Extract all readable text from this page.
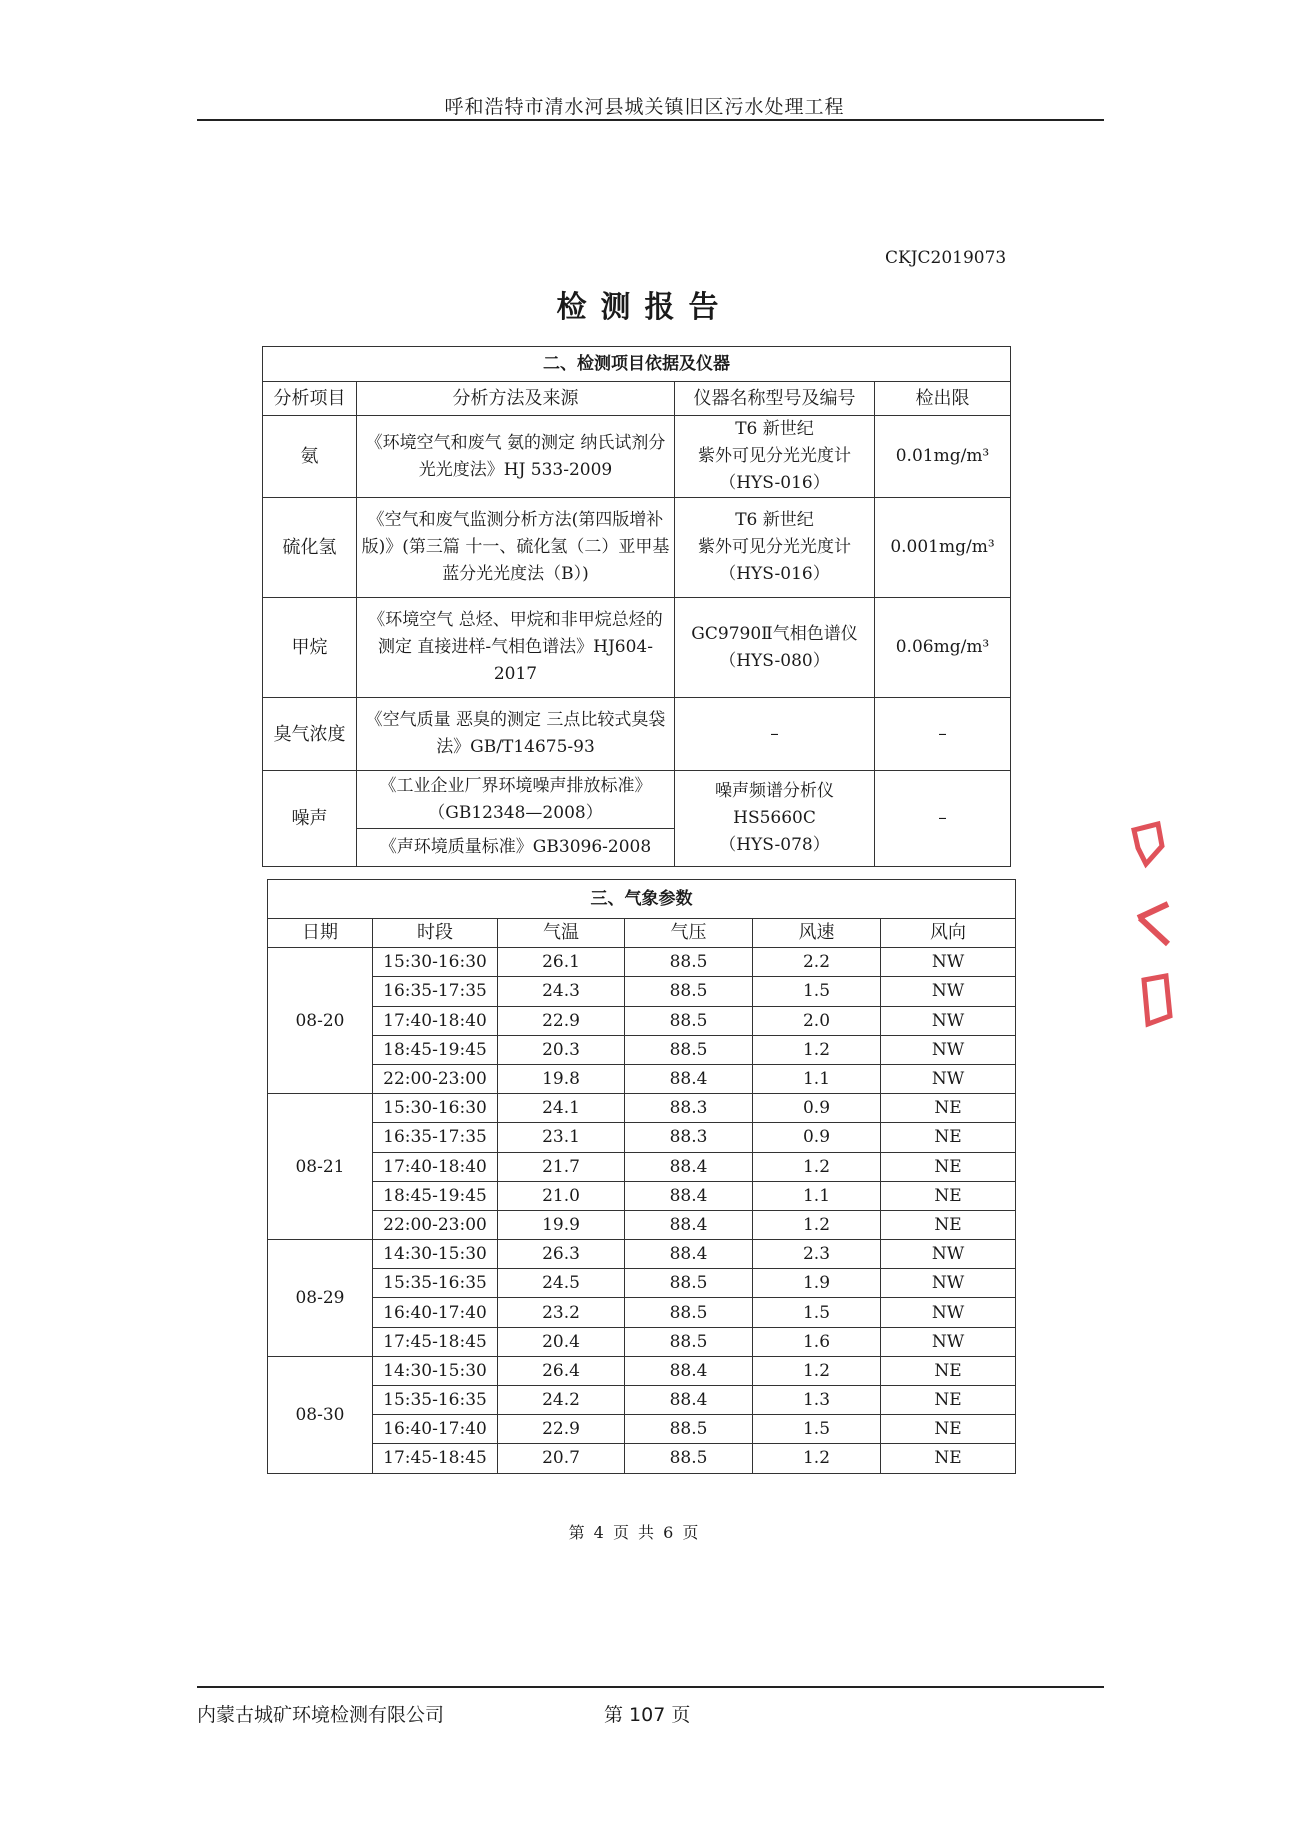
呼和浩特市清水河县城关镇旧区污水处理工程
CKJC2019073
检测报告
二、检测项目依据及仪器			
分析项目	分析方法及来源	仪器名称型号及编号	检出限
氨	《环境空气和废气 氨的测定 纳氏试剂分光光度法》HJ 533-2009	T6 新世纪
紫外可见分光光度计
（HYS-016）	0.01mg/m³
硫化氢	《空气和废气监测分析方法(第四版增补版)》(第三篇 十一、硫化氢（二）亚甲基蓝分光光度法（B）)	T6 新世纪
紫外可见分光光度计
（HYS-016）	0.001mg/m³
甲烷	《环境空气 总烃、甲烷和非甲烷总烃的测定 直接进样-气相色谱法》HJ604-2017	GC9790Ⅱ气相色谱仪
（HYS-080）	0.06mg/m³
臭气浓度	《空气质量 恶臭的测定 三点比较式臭袋法》GB/T14675-93	–	–
噪声	《工业企业厂界环境噪声排放标准》（GB12348—2008）	噪声频谱分析仪 HS5660C
（HYS-078）	–
	《声环境质量标准》GB3096-2008		
三、气象参数					
日期	时段	气温	气压	风速	风向
08-20	15:30-16:30	26.1	88.5	2.2	NW
	16:35-17:35	24.3	88.5	1.5	NW
	17:40-18:40	22.9	88.5	2.0	NW
	18:45-19:45	20.3	88.5	1.2	NW
	22:00-23:00	19.8	88.4	1.1	NW
08-21	15:30-16:30	24.1	88.3	0.9	NE
	16:35-17:35	23.1	88.3	0.9	NE
	17:40-18:40	21.7	88.4	1.2	NE
	18:45-19:45	21.0	88.4	1.1	NE
	22:00-23:00	19.9	88.4	1.2	NE
08-29	14:30-15:30	26.3	88.4	2.3	NW
	15:35-16:35	24.5	88.5	1.9	NW
	16:40-17:40	23.2	88.5	1.5	NW
	17:45-18:45	20.4	88.5	1.6	NW
08-30	14:30-15:30	26.4	88.4	1.2	NE
	15:35-16:35	24.2	88.4	1.3	NE
	16:40-17:40	22.9	88.5	1.5	NE
	17:45-18:45	20.7	88.5	1.2	NE
第 4 页 共 6 页
内蒙古城矿环境检测有限公司	第 107 页
